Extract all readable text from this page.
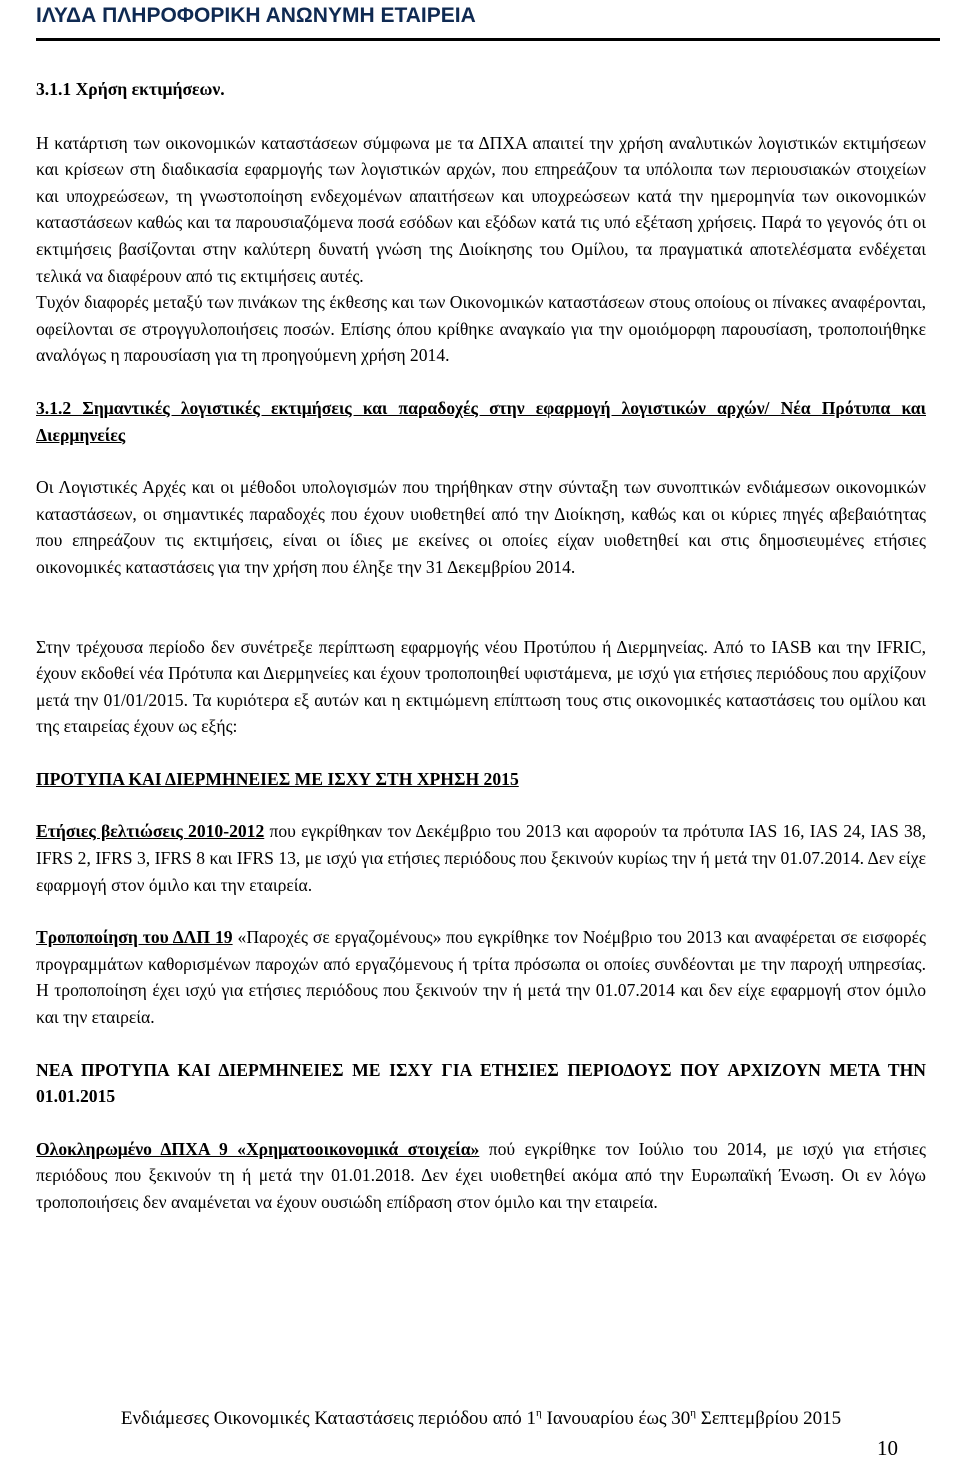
ΙΛΥΔΑ ΠΛΗΡΟΦΟΡΙΚΗ ΑΝΩΝΥΜΗ ΕΤΑΙΡΕΙΑ

3.1.1 Χρήση εκτιμήσεων.

Η κατάρτιση των οικονομικών καταστάσεων σύμφωνα με τα ΔΠΧΑ απαιτεί την χρήση αναλυτικών λογιστικών εκτιμήσεων και κρίσεων στη διαδικασία εφαρμογής των λογιστικών αρχών, που επηρεάζουν τα υπόλοιπα των περιουσιακών στοιχείων και υποχρεώσεων, τη γνωστοποίηση ενδεχομένων απαιτήσεων και υποχρεώσεων κατά την ημερομηνία των οικονομικών καταστάσεων καθώς και τα παρουσιαζόμενα ποσά εσόδων και εξόδων κατά τις υπό εξέταση χρήσεις. Παρά το γεγονός ότι οι εκτιμήσεις βασίζονται στην καλύτερη δυνατή γνώση της Διοίκησης του Ομίλου, τα πραγματικά αποτελέσματα ενδέχεται τελικά να διαφέρουν από τις εκτιμήσεις αυτές.

Τυχόν διαφορές μεταξύ των πινάκων της έκθεσης και των Οικονομικών καταστάσεων στους οποίους οι πίνακες αναφέρονται, οφείλονται σε στρογγυλοποιήσεις ποσών. Επίσης όπου κρίθηκε αναγκαίο για την ομοιόμορφη παρουσίαση, τροποποιήθηκε αναλόγως η παρουσίαση για τη προηγούμενη χρήση 2014.

3.1.2 Σημαντικές λογιστικές εκτιμήσεις και παραδοχές στην εφαρμογή λογιστικών αρχών/ Νέα Πρότυπα και Διερμηνείες

Οι Λογιστικές Αρχές και οι μέθοδοι υπολογισμών που τηρήθηκαν στην σύνταξη των συνοπτικών ενδιάμεσων οικονομικών καταστάσεων, οι σημαντικές παραδοχές που έχουν υιοθετηθεί από την Διοίκηση, καθώς και οι κύριες πηγές αβεβαιότητας που επηρεάζουν τις εκτιμήσεις, είναι οι ίδιες με εκείνες οι οποίες είχαν υιοθετηθεί και στις δημοσιευμένες ετήσιες οικονομικές καταστάσεις για την χρήση που έληξε την 31 Δεκεμβρίου 2014.

Στην τρέχουσα περίοδο δεν συνέτρεξε περίπτωση εφαρμογής νέου Προτύπου ή Διερμηνείας. Από το IASB και την IFRIC, έχουν εκδοθεί νέα Πρότυπα και Διερμηνείες και έχουν τροποποιηθεί υφιστάμενα, με ισχύ για ετήσιες περιόδους που αρχίζουν μετά την 01/01/2015. Τα κυριότερα εξ αυτών και η εκτιμώμενη επίπτωση τους στις οικονομικές καταστάσεις του ομίλου και της εταιρείας έχουν ως εξής:

ΠΡΟΤΥΠΑ ΚΑΙ ΔΙΕΡΜΗΝΕΙΕΣ ΜΕ ΙΣΧΥ ΣΤΗ ΧΡΗΣΗ 2015

Ετήσιες βελτιώσεις 2010-2012 που εγκρίθηκαν τον Δεκέμβριο του 2013 και αφορούν τα πρότυπα IAS 16, IAS 24, IAS 38, IFRS 2, IFRS 3, IFRS 8 και IFRS 13, με ισχύ για ετήσιες περιόδους που ξεκινούν κυρίως την ή μετά την 01.07.2014. Δεν είχε εφαρμογή στον όμιλο και την εταιρεία.

Τροποποίηση του ΔΛΠ 19 «Παροχές σε εργαζομένους» που εγκρίθηκε τον Νοέμβριο του 2013 και αναφέρεται σε εισφορές προγραμμάτων καθορισμένων παροχών από εργαζόμενους ή τρίτα πρόσωπα οι οποίες συνδέονται με την παροχή υπηρεσίας. Η τροποποίηση έχει ισχύ για ετήσιες περιόδους που ξεκινούν την ή μετά την 01.07.2014 και δεν είχε εφαρμογή στον όμιλο και την εταιρεία.

ΝΕΑ ΠΡΟΤΥΠΑ ΚΑΙ ΔΙΕΡΜΗΝΕΙΕΣ ΜΕ ΙΣΧΥ ΓΙΑ ΕΤΗΣΙΕΣ ΠΕΡΙΟΔΟΥΣ ΠΟΥ ΑΡΧΙΖΟΥΝ ΜΕΤΑ ΤΗΝ 01.01.2015

Ολοκληρωμένο ΔΠΧΑ 9 «Χρηματοοικονομικά στοιχεία» πού εγκρίθηκε τον Ιούλιο του 2014, με ισχύ για ετήσιες περιόδους που ξεκινούν τη ή μετά την 01.01.2018. Δεν έχει υιοθετηθεί ακόμα από την Ευρωπαϊκή Ένωση. Οι εν λόγω τροποποιήσεις δεν αναμένεται να έχουν ουσιώδη επίδραση στον όμιλο και την εταιρεία.

Ενδιάμεσες Οικονομικές Καταστάσεις περιόδου από $1^\eta$ Ιανουαρίου έως $30^\eta$ Σεπτεμβρίου 2015
10
